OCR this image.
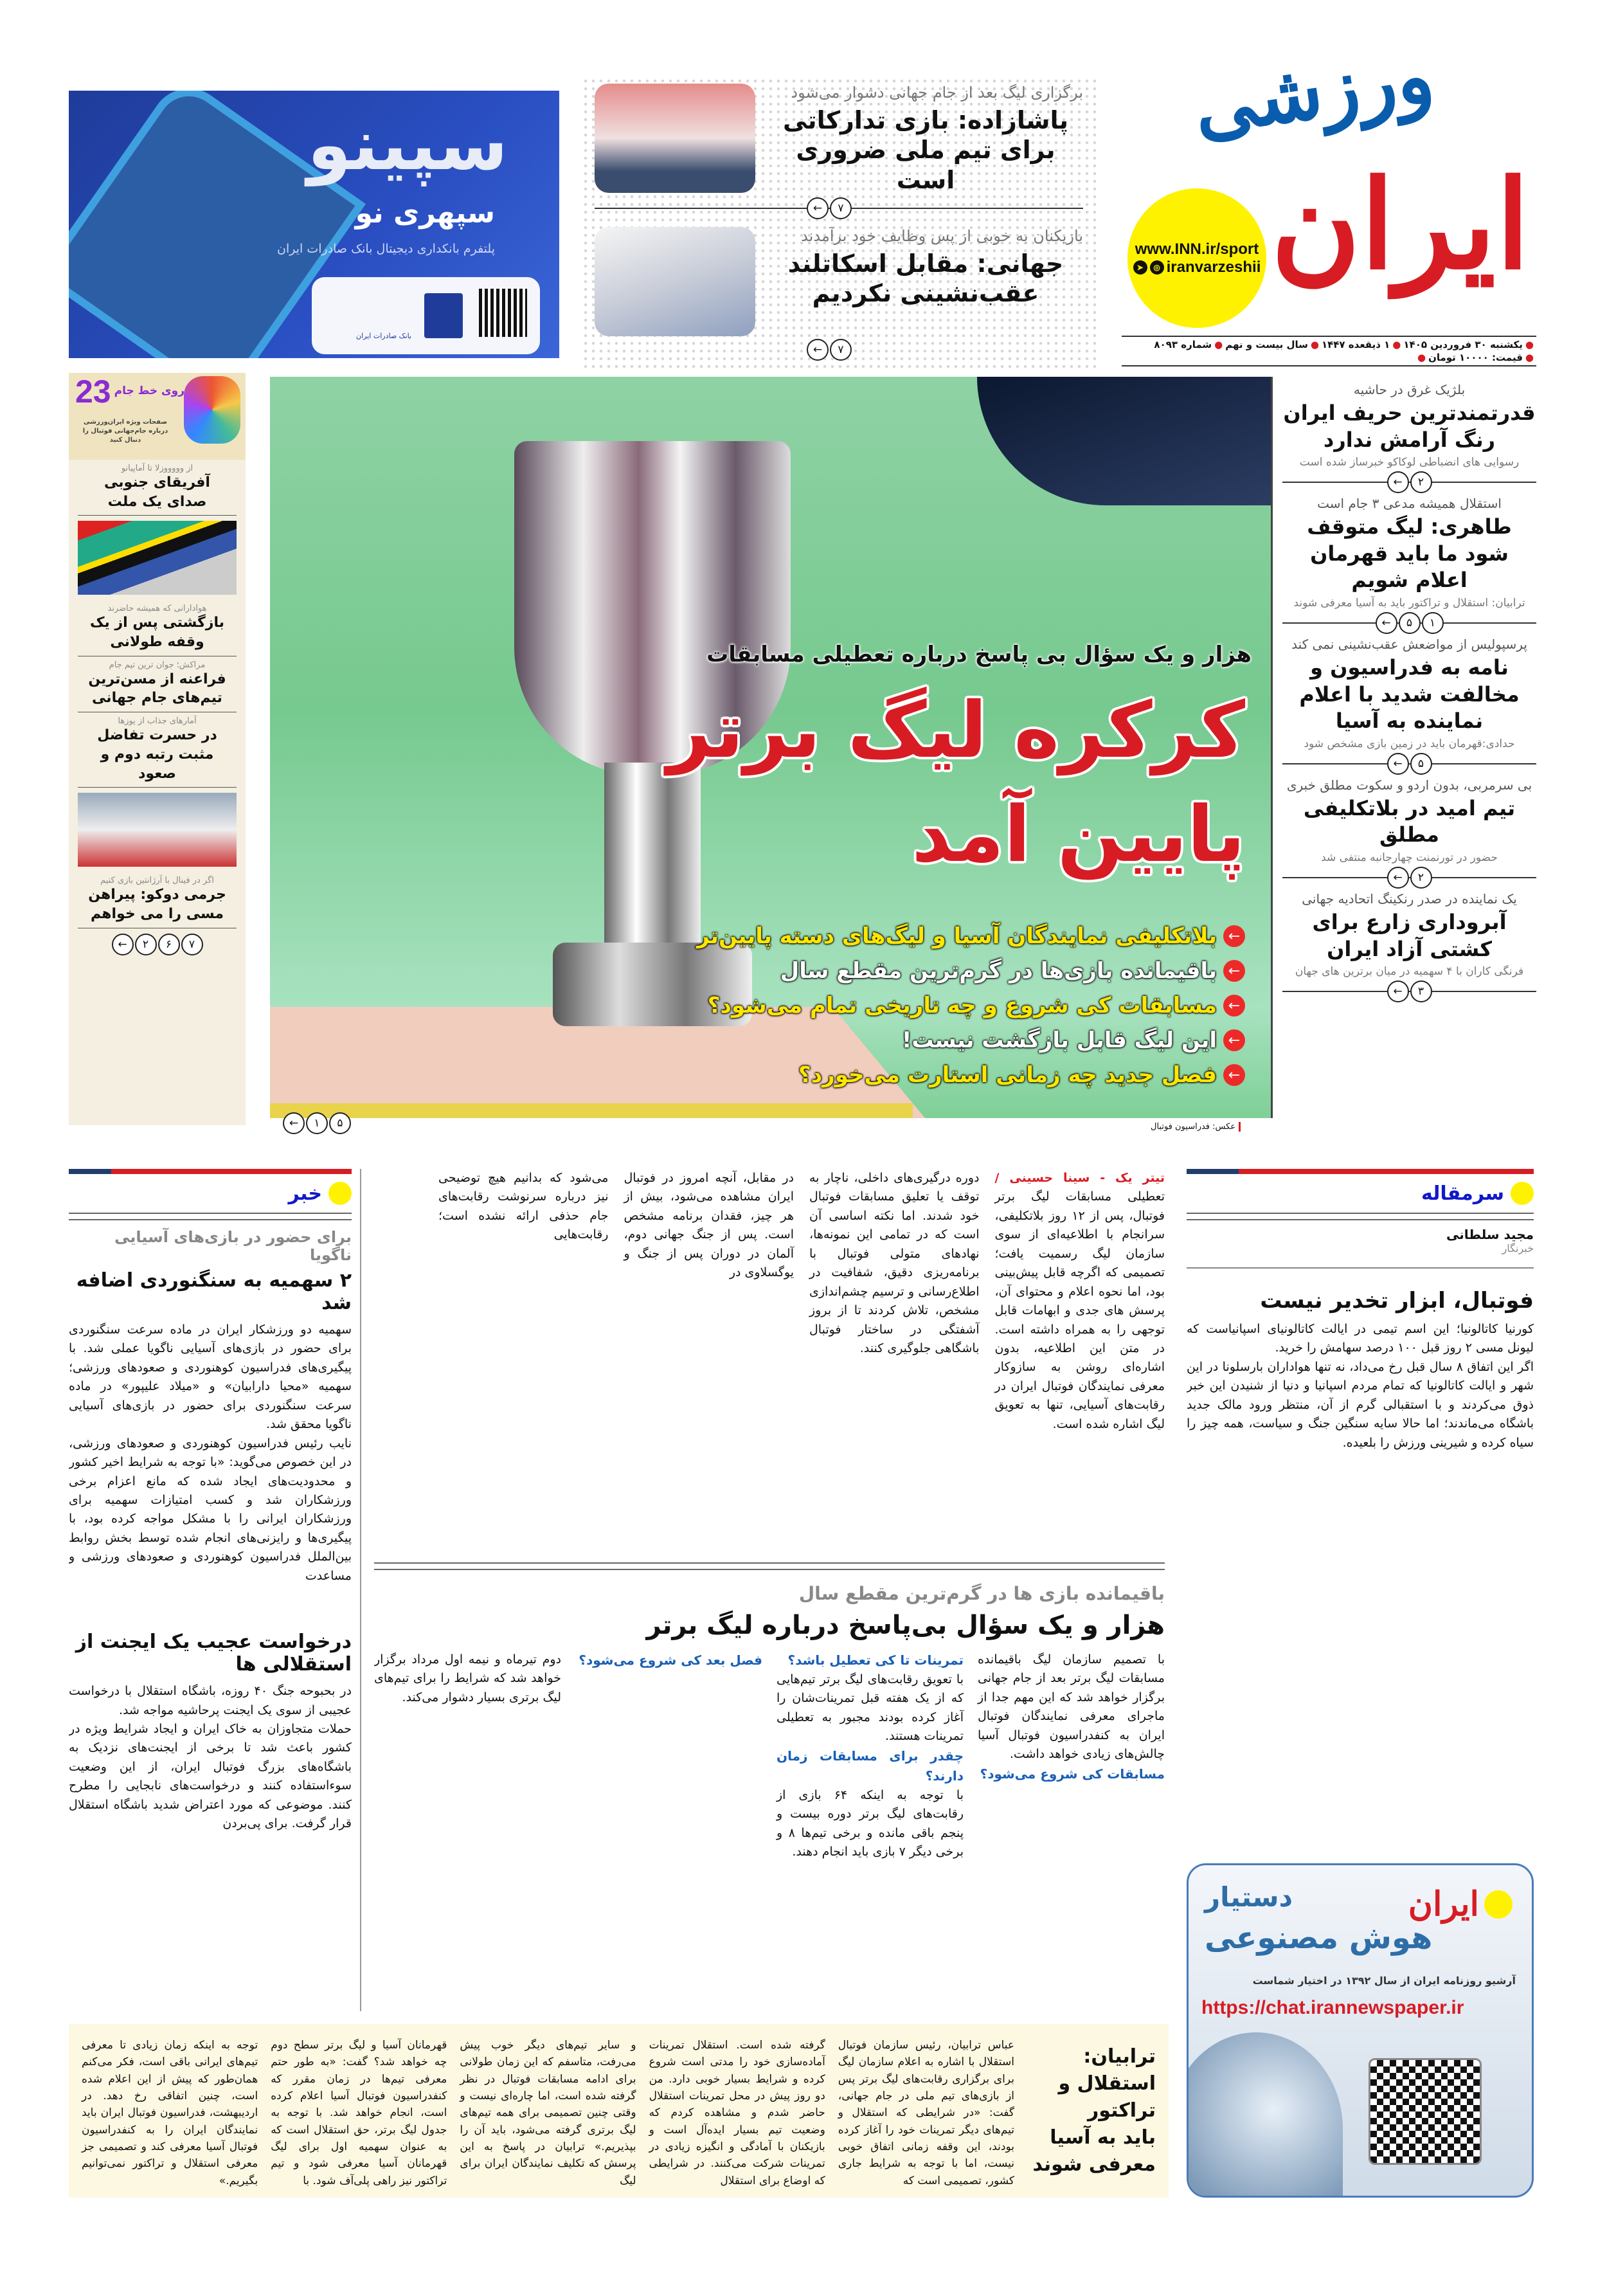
ورزشی
ایران
www.INN.ir/sport
➤	◎ iranvarzeshii
●
یکشنبه ۳۰ فروردین ۱۴۰۵
●
۱ ذیقعده ۱۴۴۷
●
سال بیست و نهم
●
شماره ۸۰۹۳
●
قیمت: ۱۰۰۰۰ تومان
●
برگزاری لیگ بعد از جام جهانی دشوار می‌شود
پاشازاده: بازی تدارکاتی برای تیم ملی ضروری است
←	۷
بازیکنان به خوبی از پس وظایف خود برآمدند
جهانی: مقابل اسکاتلند عقب‌نشینی نکردیم
←	۷
سپینو
سپهری نو
پلتفرم بانکداری دیجیتال بانک صادرات ایران
بانک صادرات ایران
بلژیک غرق در حاشیه
قدرتمندترین حریف ایران رنگ آرامش ندارد
رسوایی های انضباطی لوکاکو خبرساز شده است
←	۲
استقلال همیشه مدعی ۳ جام است
طاهری: لیگ متوقف شود ما باید قهرمان اعلام شویم
ترابیان: استقلال و تراکتور باید به آسیا معرفی شوند
←	۵	۱
پرسپولیس از مواضعش عقب‌نشینی نمی کند
نامه به فدراسیون و مخالفت شدید با اعلام نماینده به آسیا
حدادی:قهرمان باید در زمین بازی مشخص شود
←	۵
بی سرمربی، بدون اردو و سکوت مطلق خبری
تیم امید در بلاتکلیفی مطلق
حضور در تورنمنت چهارجانبه منتفی شد
←	۲
یک نماینده در صدر رنکینگ اتحادیه جهانی
آبروداری زارع برای کشتی آزاد ایران
فرنگی کاران با ۴ سهمیه در میان برترین های جهان
←	۳
هزار و یک سؤال بی پاسخ درباره تعطیلی مسابقات
کرکره لیگ برتر
پایین آمد
←
بلاتکلیفی نمایندگان آسیا و لیگ‌های دسته پایین‌تر
←
باقیمانده بازی‌ها در گرم‌ترین مقطع سال
←
مسابقات کی شروع و چه تاریخی تمام می‌شود؟
←
این لیگ قابل بازگشت نیست!
←
فصل جدید چه زمانی استارت می‌خورد؟
عکس: فدراسیون فوتبال
←	۱	۵
23 روی خط جام
صفحات ویژه ایران‌ورزشی درباره جام‌جهانی فوتبال را دنبال کنید
از وووووزلا تا آماپیانو
آفریقای جنوبی صدای یک ملت
هوادارانی که همیشه حاضرند
بازگشتی پس از یک وقفه طولانی
مراکش؛ جوان ترین تیم جام
فراعنه از مسن‌ترین تیم‌های جام جهانی
آمارهای جذاب از یوزها
در حسرت تفاضل مثبت رتبه دوم و صعود
اگر در فینال با آرژانتین بازی کنیم
جرمی دوکو: پیراهن مسی را می خواهم
←	۲	۶	۷
سرمقاله
مجید سلطانی
خبرنگار
فوتبال، ابزار تخدیر نیست

کورنیا کاتالونیا؛ این اسم تیمی در ایالت کاتالونیای اسپانیاست که لیونل مسی ۲ روز قبل ۱۰۰ درصد سهامش را خرید.

اگر این اتفاق ۸ سال قبل رخ می‌داد، نه تنها هواداران بارسلونا در این شهر و ایالت کاتالونیا که تمام مردم اسپانیا و دنیا از شنیدن این خبر ذوق می‌کردند و با استقبالی گرم از آن، منتظر ورود مالک جدید باشگاه می‌ماندند؛ اما حالا سایه سنگین جنگ و سیاست، همه چیز را سیاه کرده و شیرینی ورزش را بلعیده.

تیتر یک - سینا حسینی / تعطیلی مسابقات لیگ برتر فوتبال، پس از ۱۲ روز بلاتکلیفی، سرانجام با اطلاعیه‌ای از سوی سازمان لیگ رسمیت یافت؛ تصمیمی که اگرچه قابل پیش‌بینی بود، اما نحوه اعلام و محتوای آن، پرسش های جدی و ابهامات قابل توجهی را به همراه داشته است. در متن این اطلاعیه، بدون اشاره‌ای روشن به سازوکار معرفی نمایندگان فوتبال ایران در رقابت‌های آسیایی، تنها به تعویق لیگ اشاره شده است.

دوره درگیری‌های داخلی، ناچار به توقف یا تعلیق مسابقات فوتبال خود شدند. اما نکته اساسی آن است که در تمامی این نمونه‌ها، نهادهای متولی فوتبال با برنامه‌ریزی دقیق، شفافیت در اطلاع‌رسانی و ترسیم چشم‌اندازی مشخص، تلاش کردند تا از بروز آشفتگی در ساختار فوتبال باشگاهی جلوگیری کنند.

در مقابل، آنچه امروز در فوتبال ایران مشاهده می‌شود، بیش از هر چیز، فقدان برنامه مشخص است. پس از جنگ جهانی دوم، آلمان در دوران پس از جنگ و یوگسلاوی در

می‌شود که بدانیم هیچ توضیحی نیز درباره سرنوشت رقابت‌های جام حذفی ارائه نشده است؛ رقابت‌هایی

باقیمانده بازی ها در گرم‌ترین مقطع سال
هزار و یک سؤال بی‌پاسخ درباره لیگ برتر

با تصمیم سازمان لیگ باقیمانده مسابقات لیگ برتر بعد از جام جهانی برگزار خواهد شد که این مهم جدا از ماجرای معرفی نمایندگان فوتبال ایران به کنفدراسیون فوتبال آسیا چالش‌های زیادی خواهد داشت.

مسابقات کی شروع می‌شود؟
تمرینات تا کی تعطیل باشد؟

با تعویق رقابت‌های لیگ برتر تیم‌هایی که از یک هفته قبل تمرینات‌شان را آغاز کرده بودند مجبور به تعطیلی تمرینات هستند.

چقدر برای مسابقات زمان دارند؟

با توجه به اینکه ۶۴ بازی از رقابت‌های لیگ برتر دوره بیست و پنجم باقی مانده و برخی تیم‌ها ۸ و برخی دیگر ۷ بازی باید انجام دهند.

فصل بعد کی شروع می‌شود؟

دوم تیرماه و نیمه اول مرداد برگزار خواهد شد که شرایط را برای تیم‌های لیگ برتری بسیار دشوار می‌کند.

خبر
برای حضور در بازی‌های آسیایی ناگویا
۲ سهمیه به سنگنوردی اضافه شد

سهمیه دو ورزشکار ایران در ماده سرعت سنگنوردی برای حضور در بازی‌های آسیایی ناگویا عملی شد. با پیگیری‌های فدراسیون کوهنوردی و صعودهای ورزشی؛ سهمیه «محیا دارابیان» و «میلاد علیپور» در ماده سرعت سنگنوردی برای حضور در بازی‌های آسیایی ناگویا محقق شد.

نایب رئیس فدراسیون کوهنوردی و صعودهای ورزشی، در این خصوص می‌گوید: «با توجه به شرایط اخیر کشور و محدودیت‌های ایجاد شده که مانع اعزام برخی ورزشکاران شد و کسب امتیازات سهمیه برای ورزشکاران ایرانی را با مشکل مواجه کرده بود، با پیگیری‌ها و رایزنی‌های انجام شده توسط بخش روابط بین‌الملل فدراسیون کوهنوردی و صعودهای ورزشی و مساعدت

درخواست عجیب یک ایجنت از استقلالی ها

در بحبوحه جنگ ۴۰ روزه، باشگاه استقلال با درخواست عجیبی از سوی یک ایجنت پرحاشیه مواجه شد.

حملات متجاوزان به خاک ایران و ایجاد شرایط ویژه در کشور باعث شد تا برخی از ایجنت‌های نزدیک به باشگاه‌های بزرگ فوتبال ایران، از این وضعیت سوءاستفاده کنند و درخواست‌های نابجایی را مطرح کنند. موضوعی که مورد اعتراض شدید باشگاه استقلال قرار گرفت. برای پی‌بردن

ترابیان:
استقلال و تراکتور
باید به آسیا معرفی شوند
عباس ترابیان، رئیس سازمان فوتبال استقلال با اشاره به اعلام سازمان لیگ برای برگزاری رقابت‌های لیگ برتر پس از بازی‌های تیم ملی در جام جهانی، گفت: «در شرایطی که استقلال و تیم‌های دیگر تمرینات خود را آغاز کرده بودند، این وقفه زمانی اتفاق خوبی نیست، اما با توجه به شرایط جاری کشور، تصمیمی است که
گرفته شده است. استقلال تمرینات آماده‌سازی خود را مدتی است شروع کرده و شرایط بسیار خوبی دارد. من دو روز پیش در محل تمرینات استقلال حاضر شدم و مشاهده کردم که وضعیت تیم بسیار ایده‌آل است و بازیکنان با آمادگی و انگیزه زیادی در تمرینات شرکت می‌کنند. در شرایطی که اوضاع برای استقلال
و سایر تیم‌های دیگر خوب پیش می‌رفت، متاسفم که این زمان طولانی برای ادامه مسابقات فوتبال در نظر گرفته شده است، اما چاره‌ای نیست و وقتی چنین تصمیمی برای همه تیم‌های لیگ برتری گرفته می‌شود، باید آن را بپذیریم.» ترابیان در پاسخ به این پرسش که تکلیف نمایندگان ایران برای لیگ
قهرمانان آسیا و لیگ برتر سطح دوم چه خواهد شد؟ گفت: «به طور حتم معرفی تیم‌ها در زمان مقرر که کنفدراسیون فوتبال آسیا اعلام کرده است، انجام خواهد شد. با توجه به جدول لیگ برتر، حق استقلال است که به عنوان سهمیه اول برای لیگ قهرمانان آسیا معرفی شود و تیم تراکتور نیز راهی پلی‌آف شود. با
توجه به اینکه زمان زیادی تا معرفی تیم‌های ایرانی باقی است، فکر می‌کنم همان‌طور که پیش از این اعلام شده است، چنین اتفاقی رخ دهد. در اردیبهشت، فدراسیون فوتبال ایران باید نمایندگان ایران را به کنفدراسیون فوتبال آسیا معرفی کند و تصمیمی جز معرفی استقلال و تراکتور نمی‌توانیم بگیریم.»
ایران
دستیار
هوش مصنوعی
آرشیو روزنامه ایران از سال ۱۳۹۲ در اختیار شماست
https://chat.irannewspaper.ir
